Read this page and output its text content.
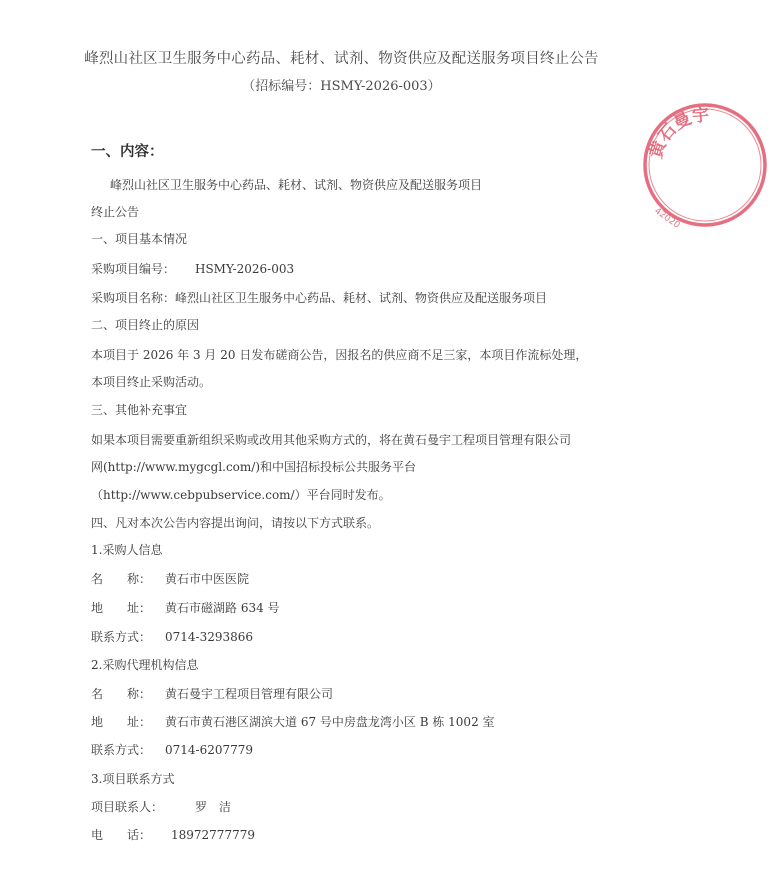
峰烈山社区卫生服务中心药品、耗材、试剂、物资供应及配送服务项目终止公告
（招标编号：HSMY-2026-003）
一、内容：
峰烈山社区卫生服务中心药品、耗材、试剂、物资供应及配送服务项目
终止公告
一、项目基本情况
采购项目编号： HSMY-2026-003
采购项目名称：峰烈山社区卫生服务中心药品、耗材、试剂、物资供应及配送服务项目
二、项目终止的原因
本项目于 2026 年 3 月 20 日发布磋商公告，因报名的供应商不足三家，本项目作流标处理，
本项目终止采购活动。
三、其他补充事宜
如果本项目需要重新组织采购或改用其他采购方式的，将在黄石曼宇工程项目管理有限公司
网(http://www.mygcgl.com/)和中国招标投标公共服务平台
（http://www.cebpubservice.com/）平台同时发布。
四、凡对本次公告内容提出询问，请按以下方式联系。
1.采购人信息
名　　称： 黄石市中医医院
地　　址： 黄石市磁湖路 634 号
联系方式： 0714-3293866
2.采购代理机构信息
名　　称： 黄石曼宇工程项目管理有限公司
地　　址： 黄石市黄石港区湖滨大道 67 号中房盘龙湾小区 B 栋 1002 室
联系方式： 0714-6207779
3.项目联系方式
项目联系人：	罗　洁
电　　话： 18972777779
黄石曼宇
42020
